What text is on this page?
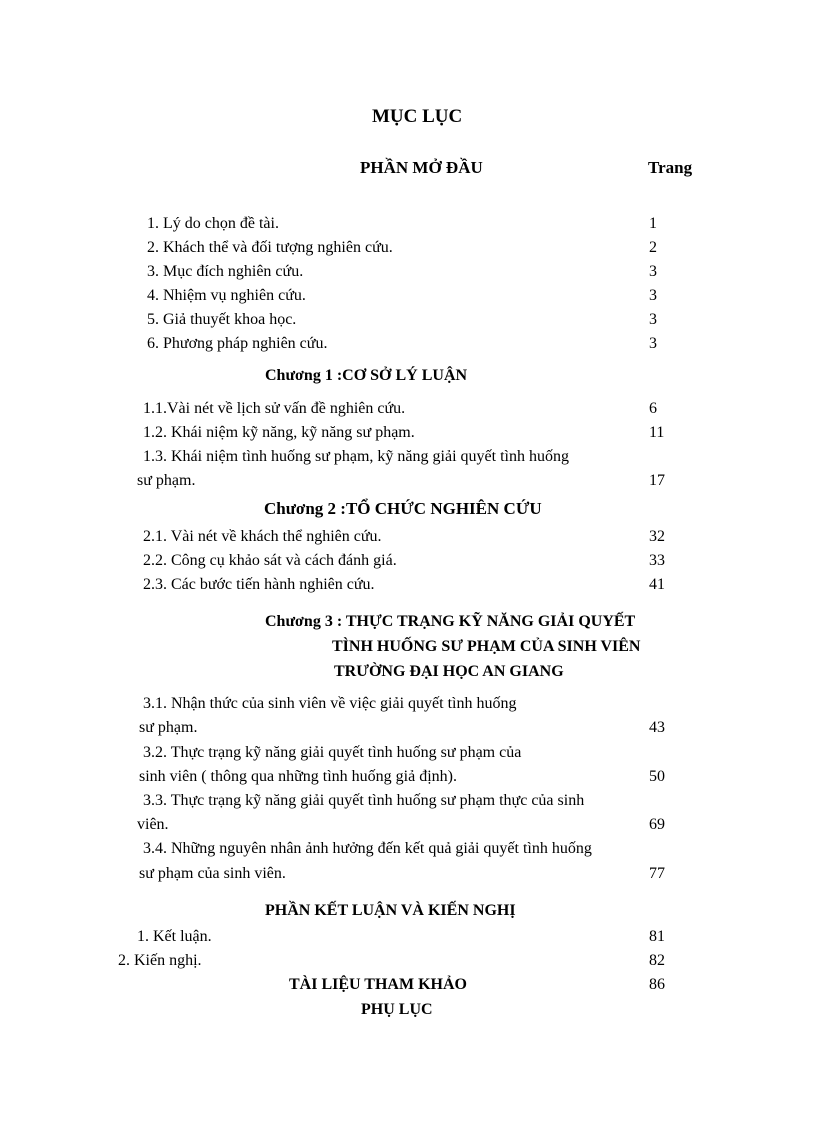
MỤC LỤC
PHẦN MỞ ĐẦU	Trang
1. Lý do chọn đề tài.	1
2. Khách thể và đối tượng nghiên cứu.	2
3. Mục đích nghiên cứu.	3
4. Nhiệm vụ nghiên cứu.	3
5. Giả thuyết khoa học.	3
6. Phương pháp nghiên cứu.	3
Chương 1 :CƠ SỞ LÝ LUẬN
1.1.Vài nét về lịch sử vấn đề nghiên cứu.	6
1.2. Khái niệm kỹ năng, kỹ năng sư phạm.	11
1.3. Khái niệm tình huống sư phạm, kỹ năng giải quyết tình huống
sư phạm.	17
Chương 2 :TỔ CHỨC NGHIÊN CỨU
2.1. Vài nét về khách thể nghiên cứu.	32
2.2. Công cụ khảo sát và cách đánh giá.	33
2.3. Các bước tiến hành nghiên cứu.	41
Chương 3 : THỰC TRẠNG KỸ NĂNG GIẢI QUYẾT
TÌNH HUỐNG SƯ PHẠM CỦA SINH VIÊN
TRƯỜNG ĐẠI HỌC AN GIANG
3.1. Nhận thức của sinh viên về việc giải quyết tình huống
sư phạm.	43
3.2. Thực trạng kỹ năng giải quyết tình huống sư phạm của
sinh viên ( thông qua những tình huống giả định).	50
3.3. Thực trạng kỹ năng giải quyết tình huống sư phạm thực của sinh
viên.	69
3.4. Những nguyên nhân ảnh hưởng đến kết quả giải quyết tình huống
sư phạm của sinh viên.	77
PHẦN KẾT LUẬN VÀ KIẾN NGHỊ
1. Kết luận.	81
2. Kiến nghị.	82
TÀI LIỆU THAM KHẢO	86
PHỤ LỤC
